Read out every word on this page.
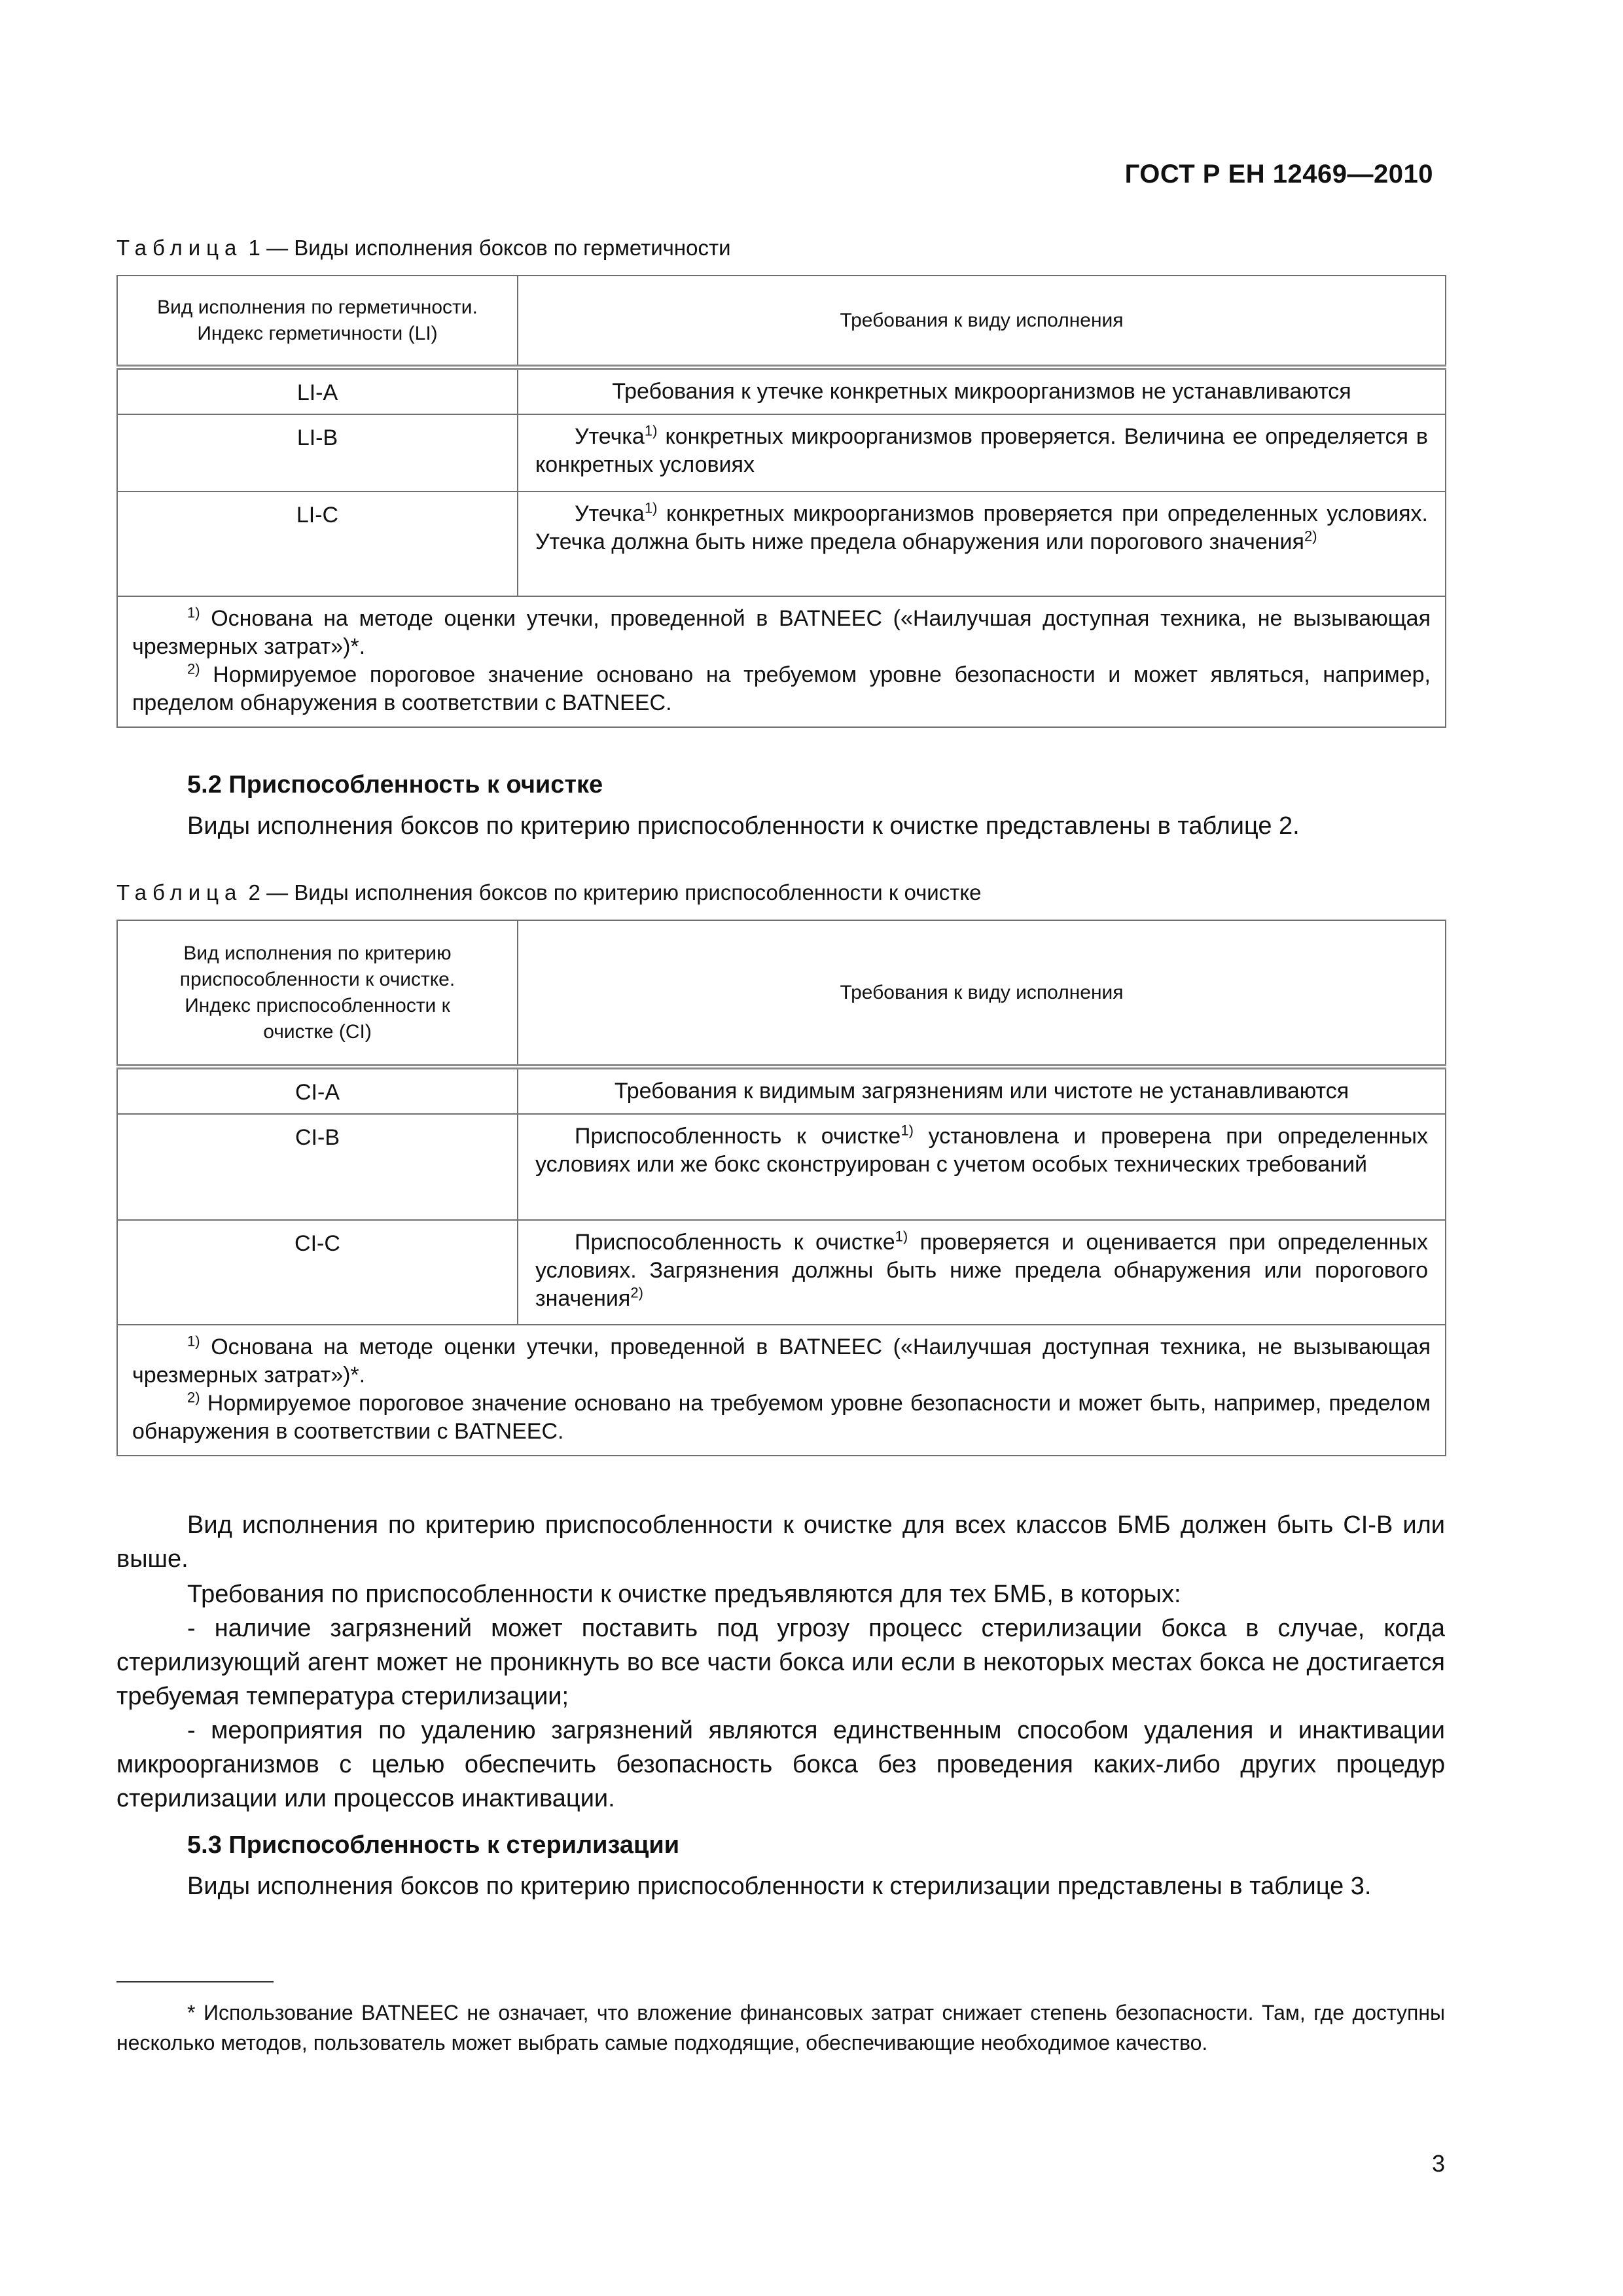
ГОСТ Р ЕН 12469—2010
Таблица 1 — Виды исполнения боксов по герметичности
Вид исполнения по герметичности. Индекс герметичности (LI)	Требования к виду исполнения
LI-A	Требования к утечке конкретных микроорганизмов не устанавливаются
LI-B	Утечка$^{1)}$ конкретных микроорганизмов проверяется. Величина ее определяется в конкретных условиях
LI-C	Утечка$^{1)}$ конкретных микроорганизмов проверяется при определенных условиях. Утечка должна быть ниже предела обнаружения или порогового значения$^{2)}$

$^{1)}$ Основана на методе оценки утечки, проведенной в BATNEEC («Наилучшая доступная техника, не вызывающая чрезмерных затрат»)*.
$^{2)}$ Нормируемое пороговое значение основано на требуемом уровне безопасности и может являться, например, пределом обнаружения в соответствии с BATNEEC.	
5.2 Приспособленность к очистке
Виды исполнения боксов по критерию приспособленности к очистке представлены в таблице 2.
Таблица 2 — Виды исполнения боксов по критерию приспособленности к очистке
Вид исполнения по критерию приспособленности к очистке. Индекс приспособленности к очистке (CI)	Требования к виду исполнения
CI-A	Требования к видимым загрязнениям или чистоте не устанавливаются
CI-B	Приспособленность к очистке$^{1)}$ установлена и проверена при определенных условиях или же бокс сконструирован с учетом особых технических требований
CI-C	Приспособленность к очистке$^{1)}$ проверяется и оценивается при определенных условиях. Загрязнения должны быть ниже предела обнаружения или порогового значения$^{2)}$

$^{1)}$ Основана на методе оценки утечки, проведенной в BATNEEC («Наилучшая доступная техника, не вызывающая чрезмерных затрат»)*.
$^{2)}$ Нормируемое пороговое значение основано на требуемом уровне безопасности и может быть, например, пределом обнаружения в соответствии с BATNEEC.	
Вид исполнения по критерию приспособленности к очистке для всех классов БМБ должен быть CI-B или выше.
Требования по приспособленности к очистке предъявляются для тех БМБ, в которых:
- наличие загрязнений может поставить под угрозу процесс стерилизации бокса в случае, когда стерилизующий агент может не проникнуть во все части бокса или если в некоторых местах бокса не достигается требуемая температура стерилизации;
- мероприятия по удалению загрязнений являются единственным способом удаления и инактивации микроорганизмов с целью обеспечить безопасность бокса без проведения каких-либо других процедур стерилизации или процессов инактивации.
5.3 Приспособленность к стерилизации
Виды исполнения боксов по критерию приспособленности к стерилизации представлены в таблице 3.
* Использование BATNEEC не означает, что вложение финансовых затрат снижает степень безопасности. Там, где доступны несколько методов, пользователь может выбрать самые подходящие, обеспечивающие необходимое качество.
3
